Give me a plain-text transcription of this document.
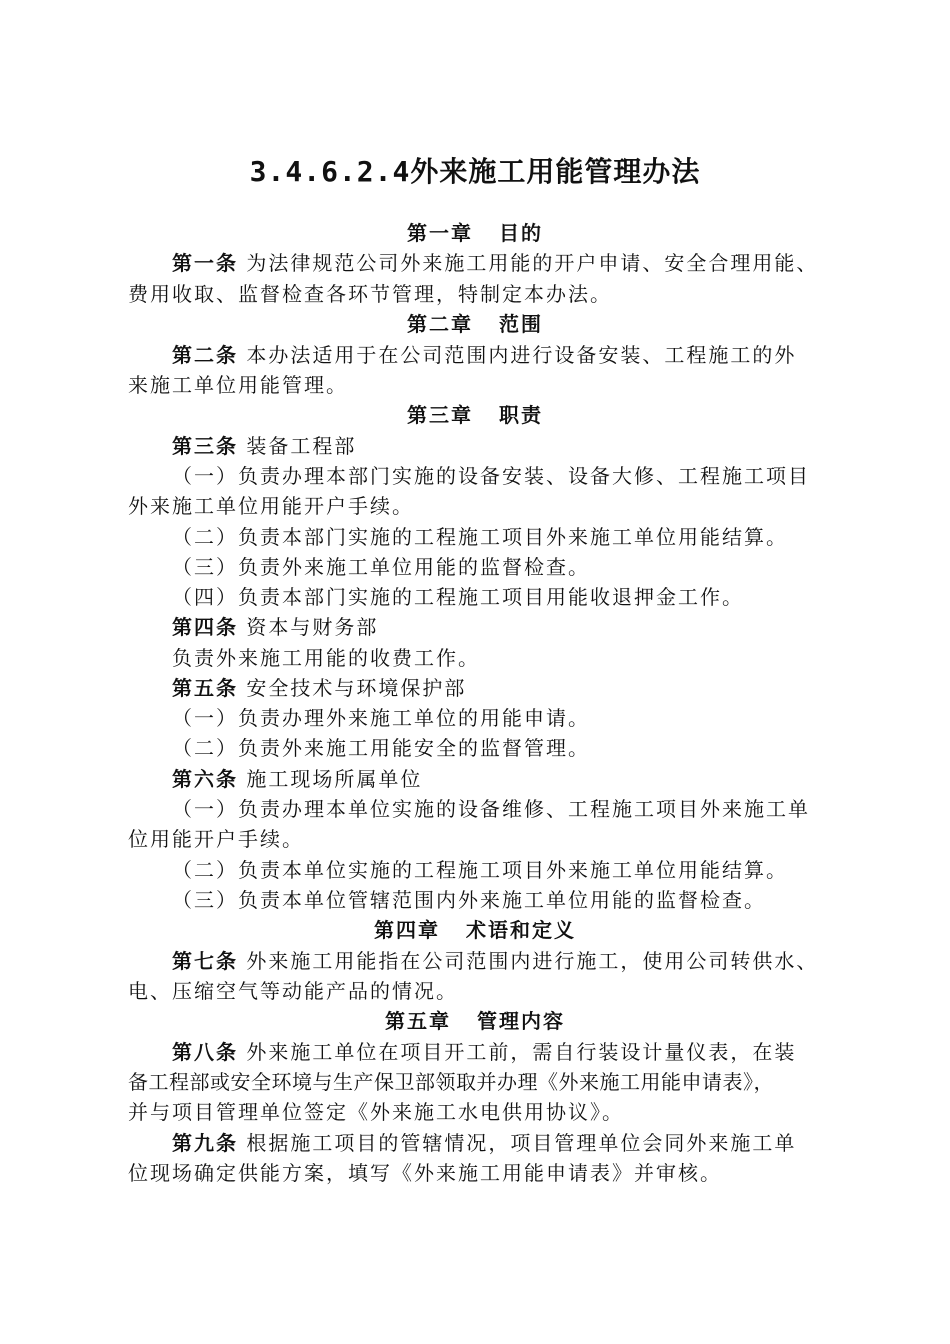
3.4.6.2.4外来施工用能管理办法
第一章 目的
第一条 为法律规范公司外来施工用能的开户申请、安全合理用能、
费用收取、监督检查各环节管理，特制定本办法。
第二章 范围
第二条 本办法适用于在公司范围内进行设备安装、工程施工的外
来施工单位用能管理。
第三章 职责
第三条 装备工程部
（一）负责办理本部门实施的设备安装、设备大修、工程施工项目
外来施工单位用能开户手续。
（二）负责本部门实施的工程施工项目外来施工单位用能结算。
（三）负责外来施工单位用能的监督检查。
（四）负责本部门实施的工程施工项目用能收退押金工作。
第四条 资本与财务部
负责外来施工用能的收费工作。
第五条 安全技术与环境保护部
（一）负责办理外来施工单位的用能申请。
（二）负责外来施工用能安全的监督管理。
第六条 施工现场所属单位
（一）负责办理本单位实施的设备维修、工程施工项目外来施工单
位用能开户手续。
（二）负责本单位实施的工程施工项目外来施工单位用能结算。
（三）负责本单位管辖范围内外来施工单位用能的监督检查。
第四章 术语和定义
第七条 外来施工用能指在公司范围内进行施工，使用公司转供水、
电、压缩空气等动能产品的情况。
第五章 管理内容
第八条 外来施工单位在项目开工前，需自行装设计量仪表，在装
备工程部或安全环境与生产保卫部领取并办理《外来施工用能申请表》，
并与项目管理单位签定《外来施工水电供用协议》。
第九条 根据施工项目的管辖情况，项目管理单位会同外来施工单
位现场确定供能方案，填写《外来施工用能申请表》并审核。
